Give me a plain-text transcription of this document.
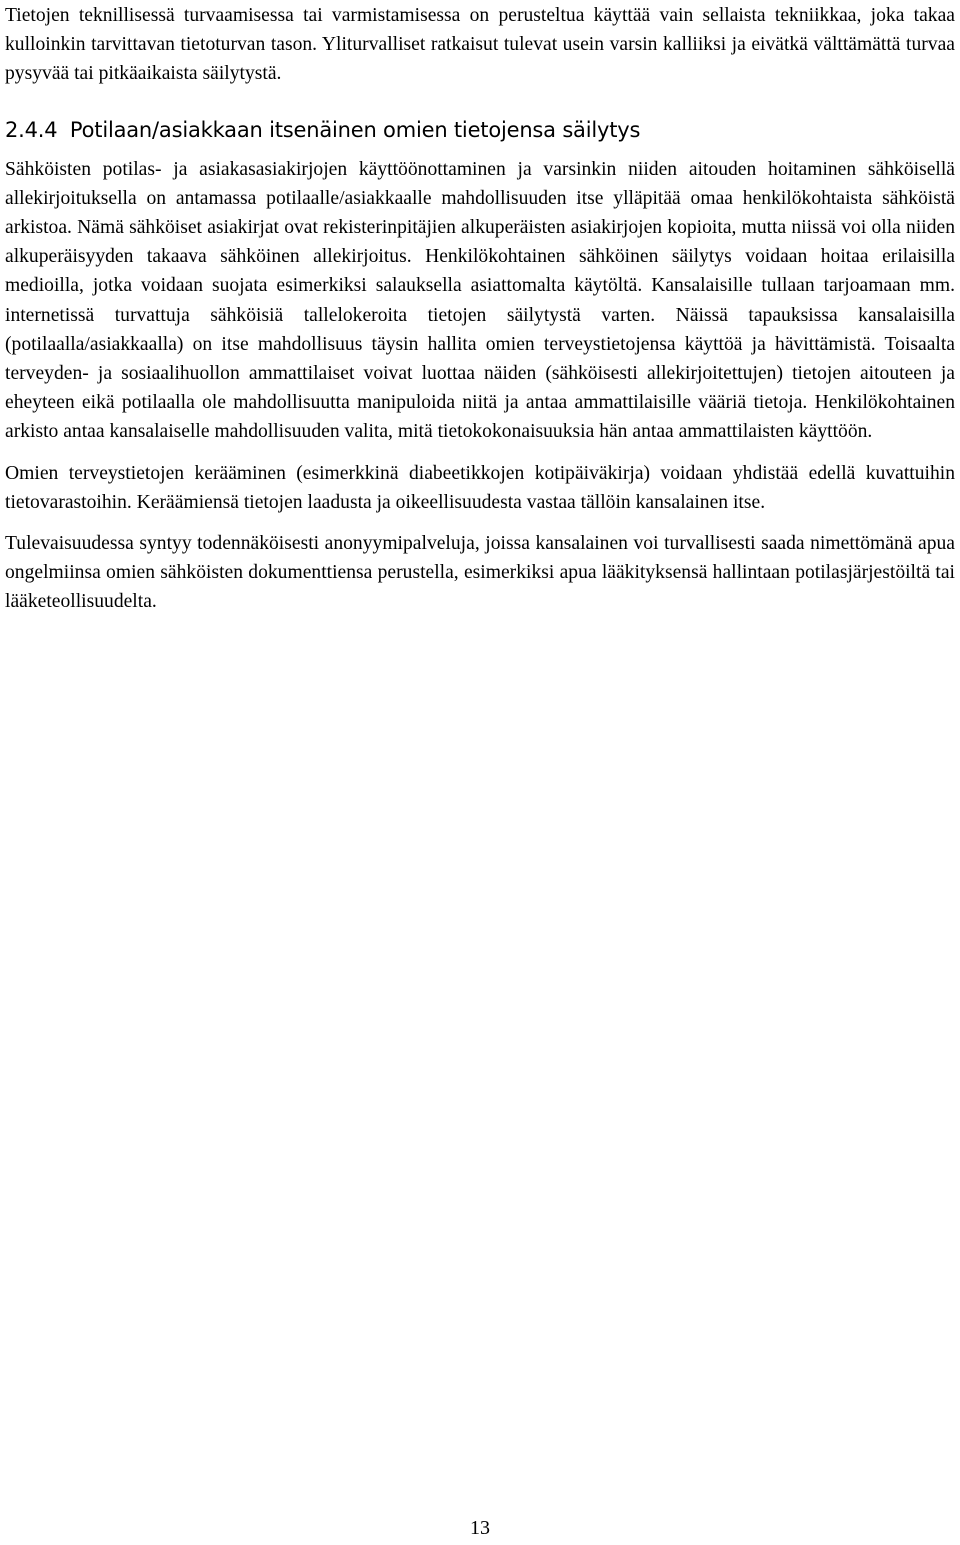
Tietojen teknillisessä turvaamisessa tai varmistamisessa on perusteltua käyttää vain sellaista tekniikkaa, joka takaa kulloinkin tarvittavan tietoturvan tason. Yliturvalliset ratkaisut tulevat usein varsin kalliiksi ja eivätkä välttämättä turvaa pysyvää tai pitkäaikaista säilytystä.

2.4.4 Potilaan/asiakkaan itsenäinen omien tietojensa säilytys

Sähköisten potilas- ja asiakasasiakirjojen käyttöönottaminen ja varsinkin niiden aitouden hoitaminen sähköisellä allekirjoituksella on antamassa potilaalle/asiakkaalle mahdollisuuden itse ylläpitää omaa henkilökohtaista sähköistä arkistoa. Nämä sähköiset asiakirjat ovat rekisterinpitäjien alkuperäisten asiakirjojen kopioita, mutta niissä voi olla niiden alkuperäisyyden takaava sähköinen allekirjoitus. Henkilökohtainen sähköinen säilytys voidaan hoitaa erilaisilla medioilla, jotka voidaan suojata esimerkiksi salauksella asiattomalta käytöltä. Kansalaisille tullaan tarjoamaan mm. internetissä turvattuja sähköisiä tallelokeroita tietojen säilytystä varten. Näissä tapauksissa kansalaisilla (potilaalla/asiakkaalla) on itse mahdollisuus täysin hallita omien terveystietojensa käyttöä ja hävittämistä. Toisaalta terveyden- ja sosiaalihuollon ammattilaiset voivat luottaa näiden (sähköisesti allekirjoitettujen) tietojen aitouteen ja eheyteen eikä potilaalla ole mahdollisuutta manipuloida niitä ja antaa ammattilaisille vääriä tietoja. Henkilökohtainen arkisto antaa kansalaiselle mahdollisuuden valita, mitä tietokokonaisuuksia hän antaa ammattilaisten käyttöön.

Omien terveystietojen kerääminen (esimerkkinä diabeetikkojen kotipäiväkirja) voidaan yhdistää edellä kuvattuihin tietovarastoihin. Keräämiensä tietojen laadusta ja oikeellisuudesta vastaa tällöin kansalainen itse.

Tulevaisuudessa syntyy todennäköisesti anonyymipalveluja, joissa kansalainen voi turvallisesti saada nimettömänä apua ongelmiinsa omien sähköisten dokumenttiensa perustella, esimerkiksi apua lääkityksensä hallintaan potilasjärjestöiltä tai lääketeollisuudelta.

13
